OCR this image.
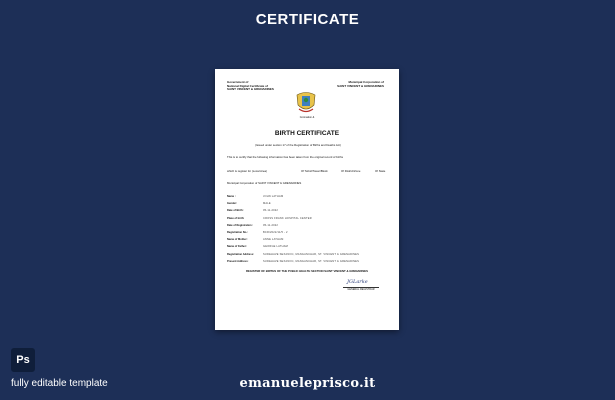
CERTIFICATE
Government of
National Digital Certificate of
SAINT VINCENT & GRENADINES
Municipal Corporation of
SAINT VINCENT & GRENADINES
Coronation &
BIRTH CERTIFICATE
(Issued under section 17 of the Registration of Births and Deaths Act)
This is to certify that the following information has been taken from the original record of births
which is register for (Local Area)	Of Tehsil/Tower/Block	Of District/Zone	Of State
Municipal Corporation of SAINT VINCENT & GRENADINES
Name :	JOHN LATHAM
Gender:	MALE
Date of Birth:	05-11-2022
Place of birth:	CROSS FRANK HOSPITAL CENTER
Date of Registration :	05-11-2022
Registration No.:	BCR/2022/11/5 - 2
Name of Mother:	ANNE LATHAM
Name of Father:	GEORGE LATHAM
Registration Address:	SUDEHAVE SEXANOC, MANGANCHAR, ST. VINCENT & GRENADINES
Present Address:	SUDEHAVE SEXANOC, MANGANCHAR, ST. VINCENT & GRENADINES
REGISTER OF BIRTHS OF THE PUBLIC HEALTH SECTION SAINT VINCENT & GRENADINES
JGLarke
GENERAL REGISTRAR
Ps
fully editable template	emanueleprisco.it
